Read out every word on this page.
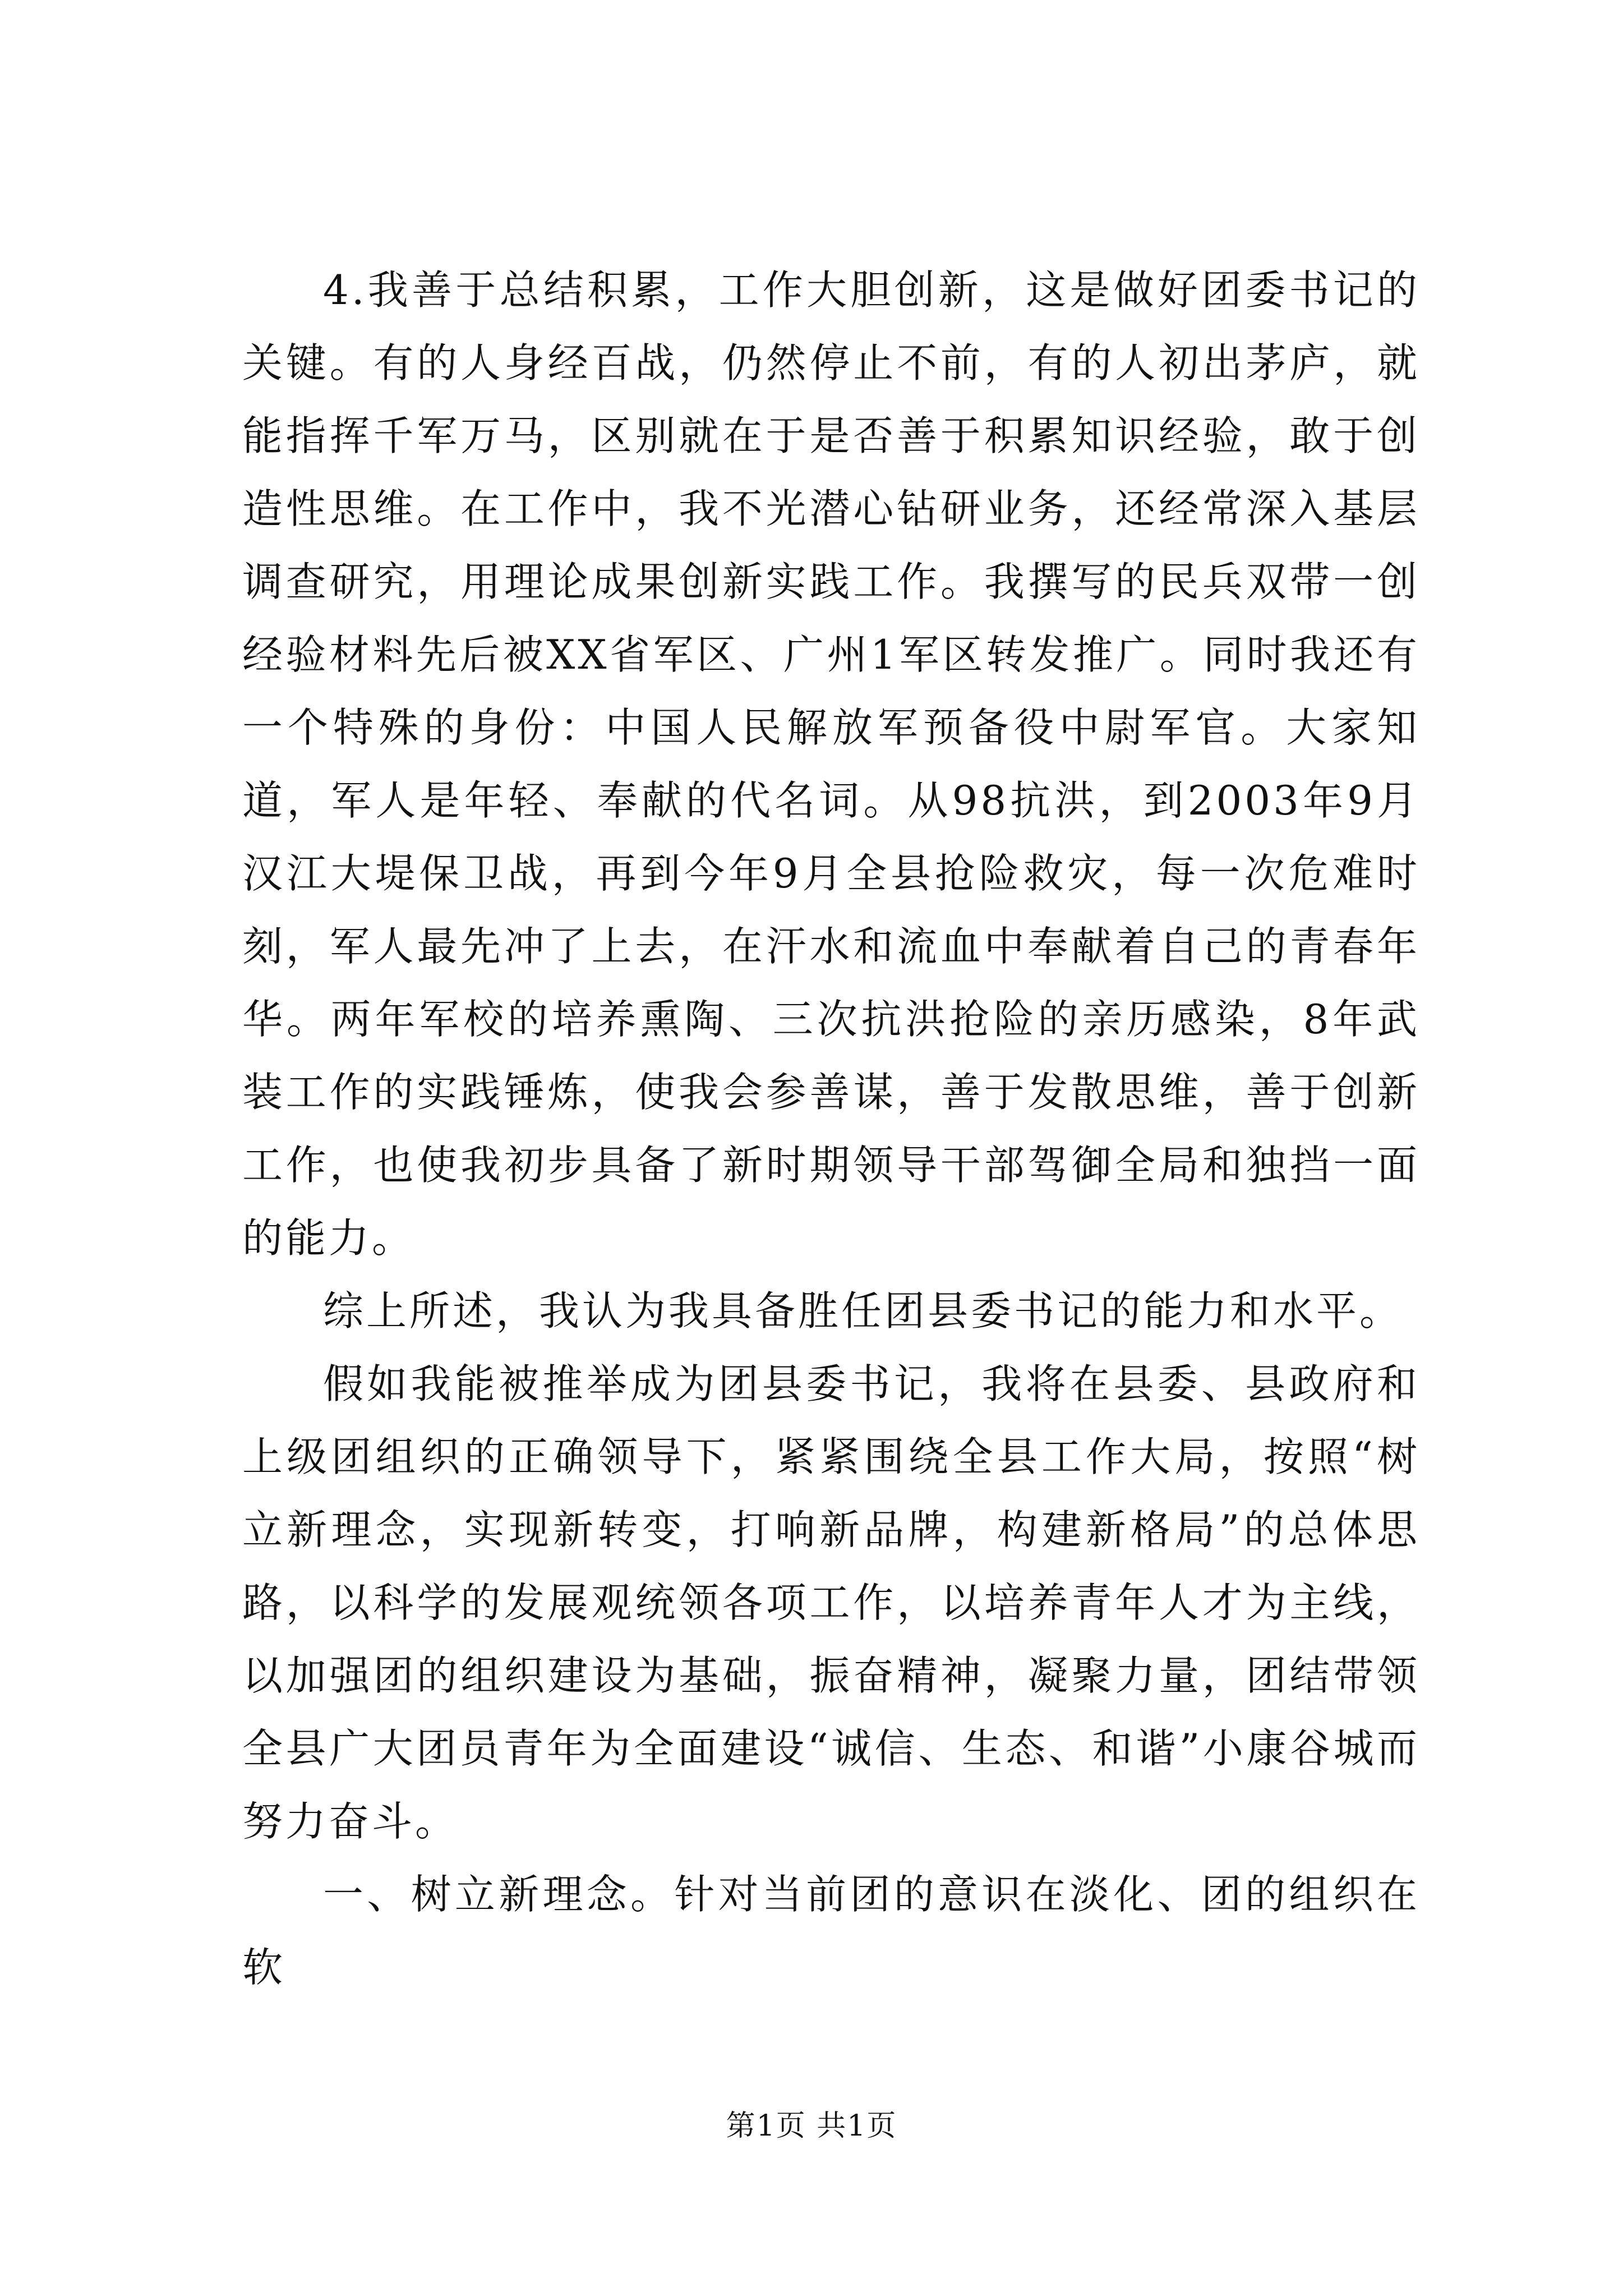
4.我善于总结积累，工作大胆创新，这是做好团委书记的关键。有的人身经百战，仍然停止不前，有的人初出茅庐，就能指挥千军万马，区别就在于是否善于积累知识经验，敢于创造性思维。在工作中，我不光潜心钻研业务，还经常深入基层调查研究，用理论成果创新实践工作。我撰写的民兵双带一创经验材料先后被XX省军区、广州1军区转发推广。同时我还有一个特殊的身份：中国人民解放军预备役中尉军官。大家知道，军人是年轻、奉献的代名词。从98抗洪，到2003年9月汉江大堤保卫战，再到今年9月全县抢险救灾，每一次危难时刻，军人最先冲了上去，在汗水和流血中奉献着自己的青春年华。两年军校的培养熏陶、三次抗洪抢险的亲历感染，8年武装工作的实践锤炼，使我会参善谋，善于发散思维，善于创新工作，也使我初步具备了新时期领导干部驾御全局和独挡一面的能力。

综上所述，我认为我具备胜任团县委书记的能力和水平。

假如我能被推举成为团县委书记，我将在县委、县政府和上级团组织的正确领导下，紧紧围绕全县工作大局，按照“树立新理念，实现新转变，打响新品牌，构建新格局”的总体思路，以科学的发展观统领各项工作，以培养青年人才为主线，以加强团的组织建设为基础，振奋精神，凝聚力量，团结带领全县广大团员青年为全面建设“诚信、生态、和谐”小康谷城而努力奋斗。

一、树立新理念。针对当前团的意识在淡化、团的组织在软

第1页 共1页
